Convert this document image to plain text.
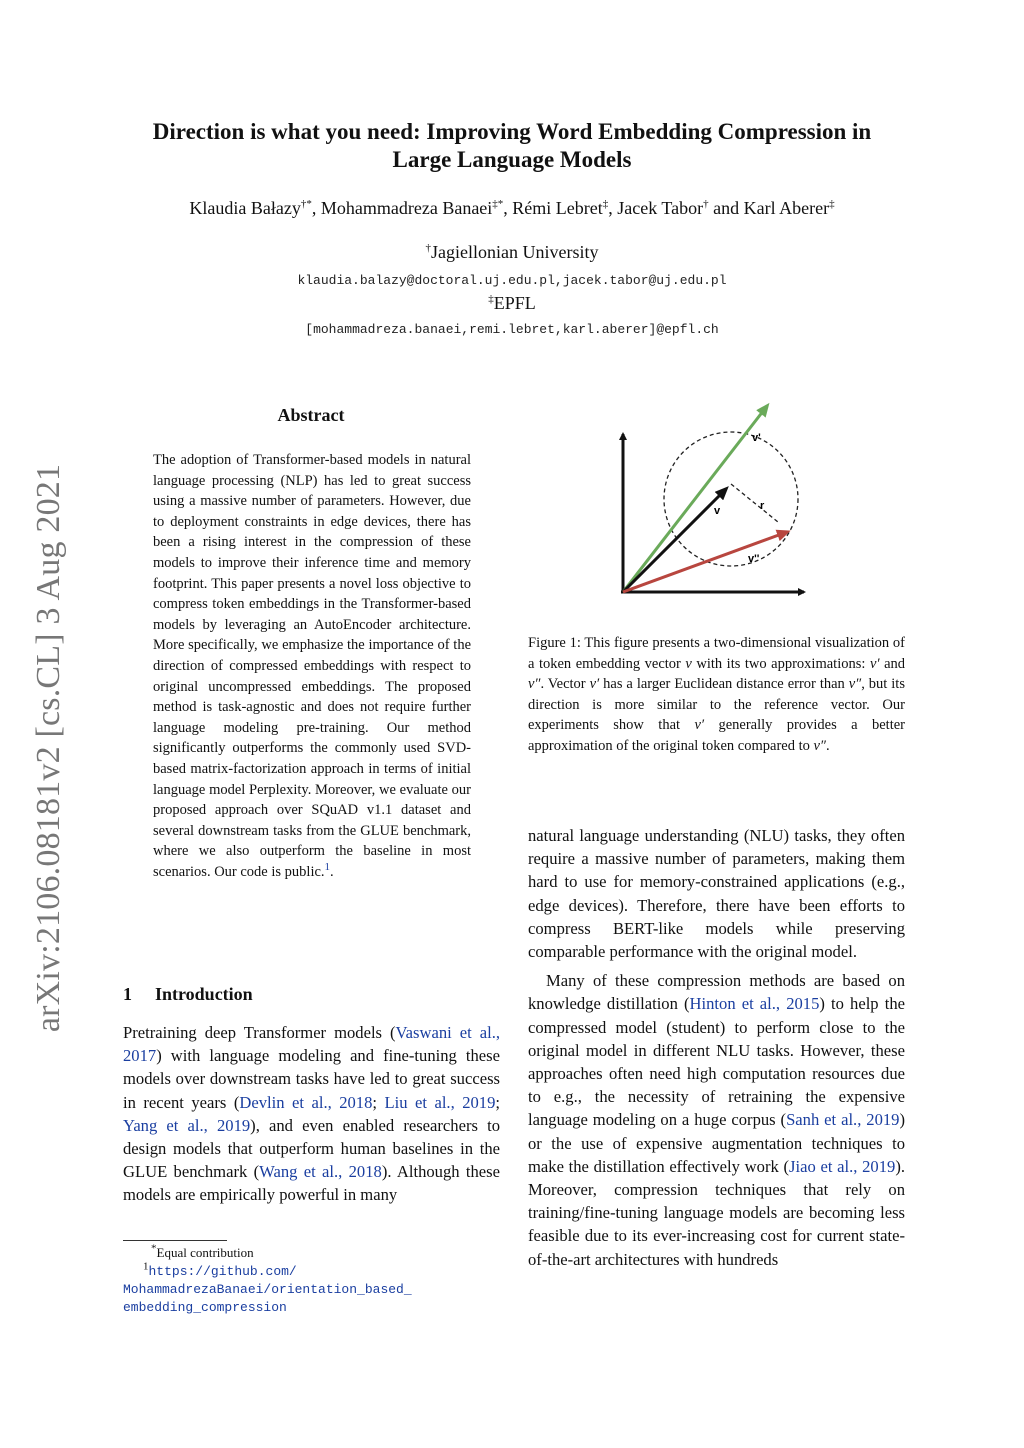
Direction is what you need: Improving Word Embedding Compression in
Large Language Models
Klaudia Bałazy†*, Mohammadreza Banaei‡*, Rémi Lebret‡, Jacek Tabor† and Karl Aberer‡
†Jagiellonian University
klaudia.balazy@doctoral.uj.edu.pl,jacek.tabor@uj.edu.pl
‡EPFL
[mohammadreza.banaei,remi.lebret,karl.aberer]@epfl.ch
arXiv:2106.08181v2 [cs.CL] 3 Aug 2021
Abstract

The adoption of Transformer-based models in natural language processing (NLP) has led to great success using a massive number of parameters. However, due to deployment constraints in edge devices, there has been a rising interest in the compression of these models to improve their inference time and memory footprint. This paper presents a novel loss objective to compress token embeddings in the Transformer-based models by leveraging an AutoEncoder architecture. More specifically, we emphasize the importance of the direction of compressed embeddings with respect to original uncompressed embeddings. The proposed method is task-agnostic and does not require further language modeling pre-training. Our method significantly outperforms the commonly used SVD-based matrix-factorization approach in terms of initial language model Perplexity. Moreover, we evaluate our proposed approach over SQuAD v1.1 dataset and several downstream tasks from the GLUE benchmark, where we also outperform the baseline in most scenarios. Our code is public.$^1$.

1 Introduction

Pretraining deep Transformer models (Vaswani et al., 2017) with language modeling and fine-tuning these models over downstream tasks have led to great success in recent years (Devlin et al., 2018; Liu et al., 2019; Yang et al., 2019), and even enabled researchers to design models that outperform human baselines in the GLUE benchmark (Wang et al., 2018). Although these models are empirically powerful in many

*Equal contribution
$^1$https://github.com/
MohammadrezaBanaei/orientation_based_
embedding_compression
v'
v	r
v''

Figure 1: This figure presents a two-dimensional visualization of a token embedding vector v with its two approximations: v′ and v″. Vector v′ has a larger Euclidean distance error than v″, but its direction is more similar to the reference vector. Our experiments show that v′ generally provides a better approximation of the original token compared to v″.

natural language understanding (NLU) tasks, they often require a massive number of parameters, making them hard to use for memory-constrained applications (e.g., edge devices). Therefore, there have been efforts to compress BERT-like models while preserving comparable performance with the original model.

Many of these compression methods are based on knowledge distillation (Hinton et al., 2015) to help the compressed model (student) to perform close to the original model in different NLU tasks. However, these approaches often need high computation resources due to e.g., the necessity of retraining the expensive language modeling on a huge corpus (Sanh et al., 2019) or the use of expensive augmentation techniques to make the distillation effectively work (Jiao et al., 2019). Moreover, compression techniques that rely on training/fine-tuning language models are becoming less feasible due to its ever-increasing cost for current state-of-the-art architectures with hundreds
